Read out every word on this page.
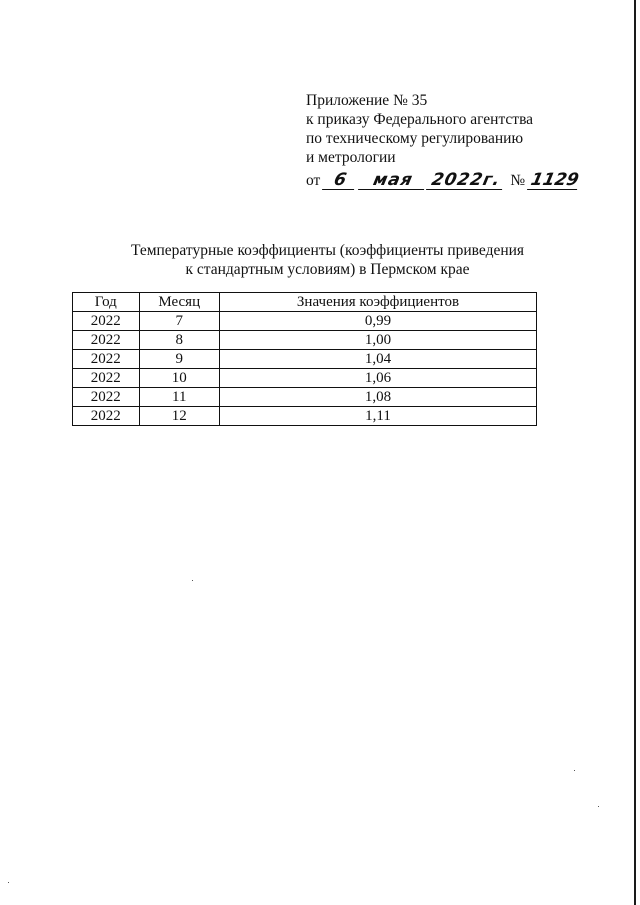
Приложение № 35
к приказу Федерального агентства
по техническому регулированию
и метрологии
от 6	мая 2022г. № 1129
Температурные коэффициенты (коэффициенты приведения
к стандартным условиям) в Пермском крае
Год	Месяц	Значения коэффициентов
2022	7	0,99
2022	8	1,00
2022	9	1,04
2022	10	1,06
2022	11	1,08
2022	12	1,11
